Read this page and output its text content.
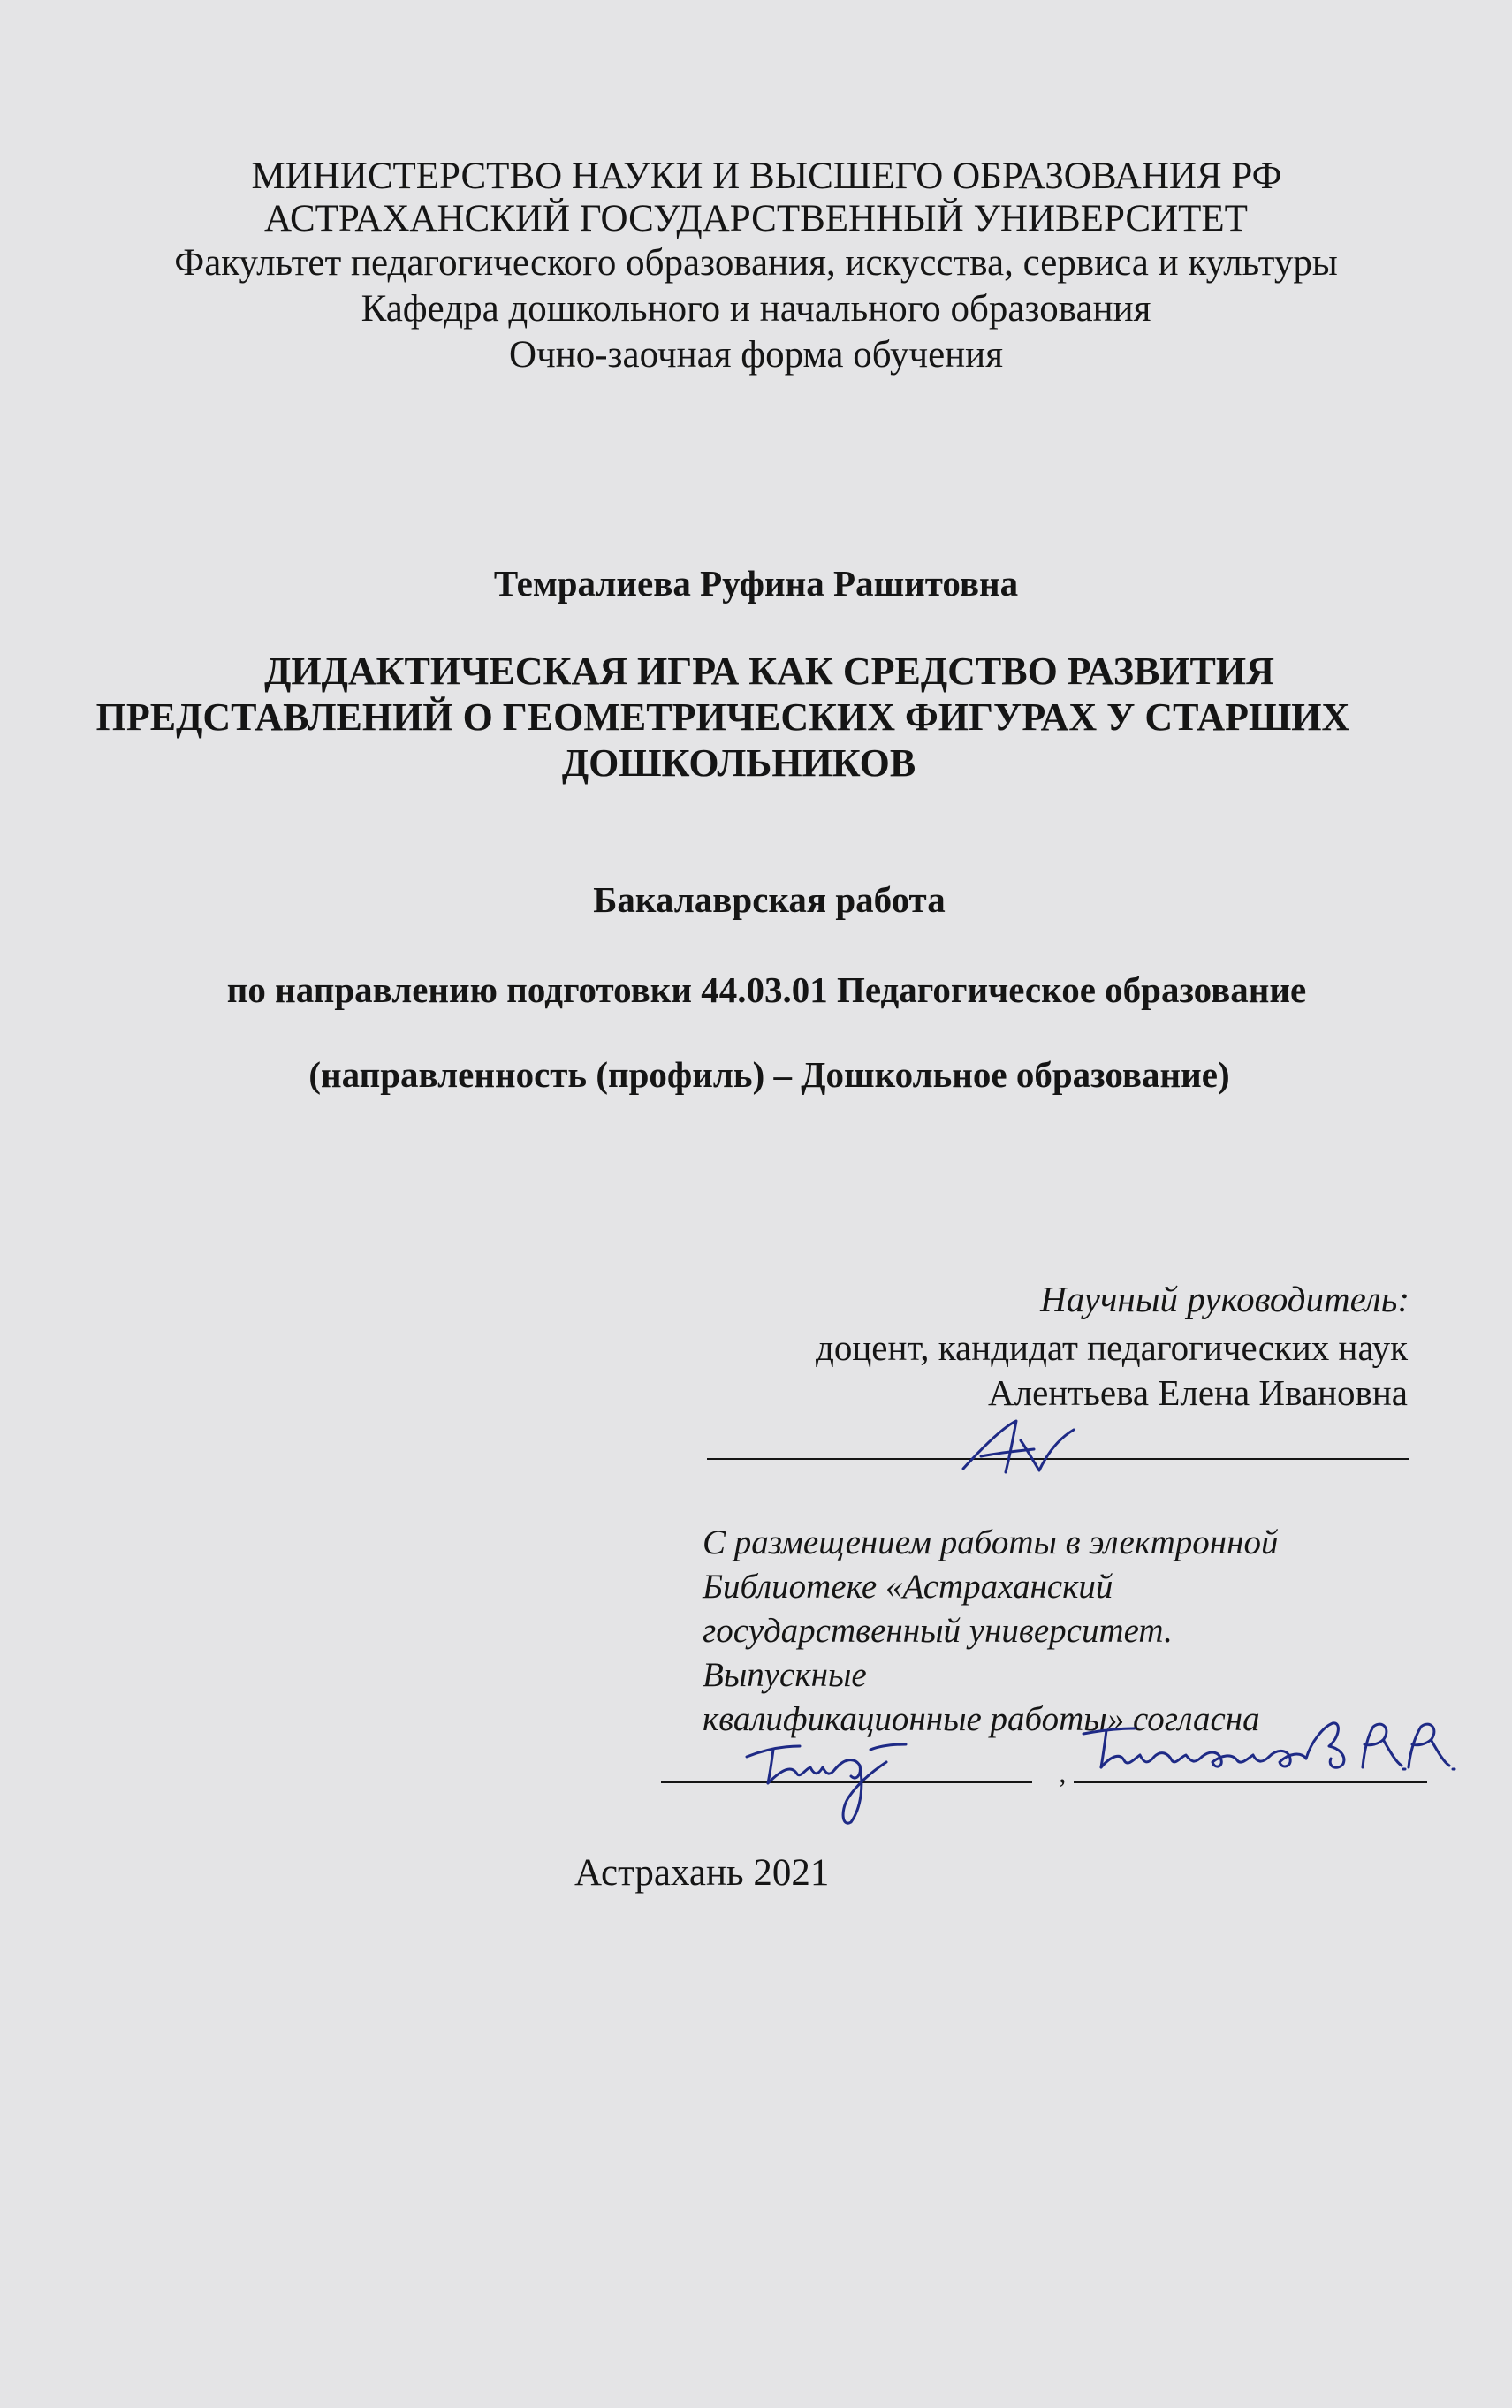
МИНИСТЕРСТВО НАУКИ И ВЫСШЕГО ОБРАЗОВАНИЯ РФ
АСТРАХАНСКИЙ ГОСУДАРСТВЕННЫЙ УНИВЕРСИТЕТ
Факультет педагогического образования, искусства, сервиса и культуры
Кафедра дошкольного и начального образования
Очно-заочная форма обучения
Темралиева Руфина Рашитовна
ДИДАКТИЧЕСКАЯ ИГРА КАК СРЕДСТВО РАЗВИТИЯ
ПРЕДСТАВЛЕНИЙ О ГЕОМЕТРИЧЕСКИХ ФИГУРАХ У СТАРШИХ
ДОШКОЛЬНИКОВ
Бакалаврская работа
по направлению подготовки 44.03.01 Педагогическое образование
(направленность (профиль) – Дошкольное образование)
Научный руководитель:
доцент, кандидат педагогических наук
Алентьева Елена Ивановна
С размещением работы в электронной
Библиотеке «Астраханский
государственный университет.
Выпускные
квалификационные работы» согласна
,
Астрахань 2021
